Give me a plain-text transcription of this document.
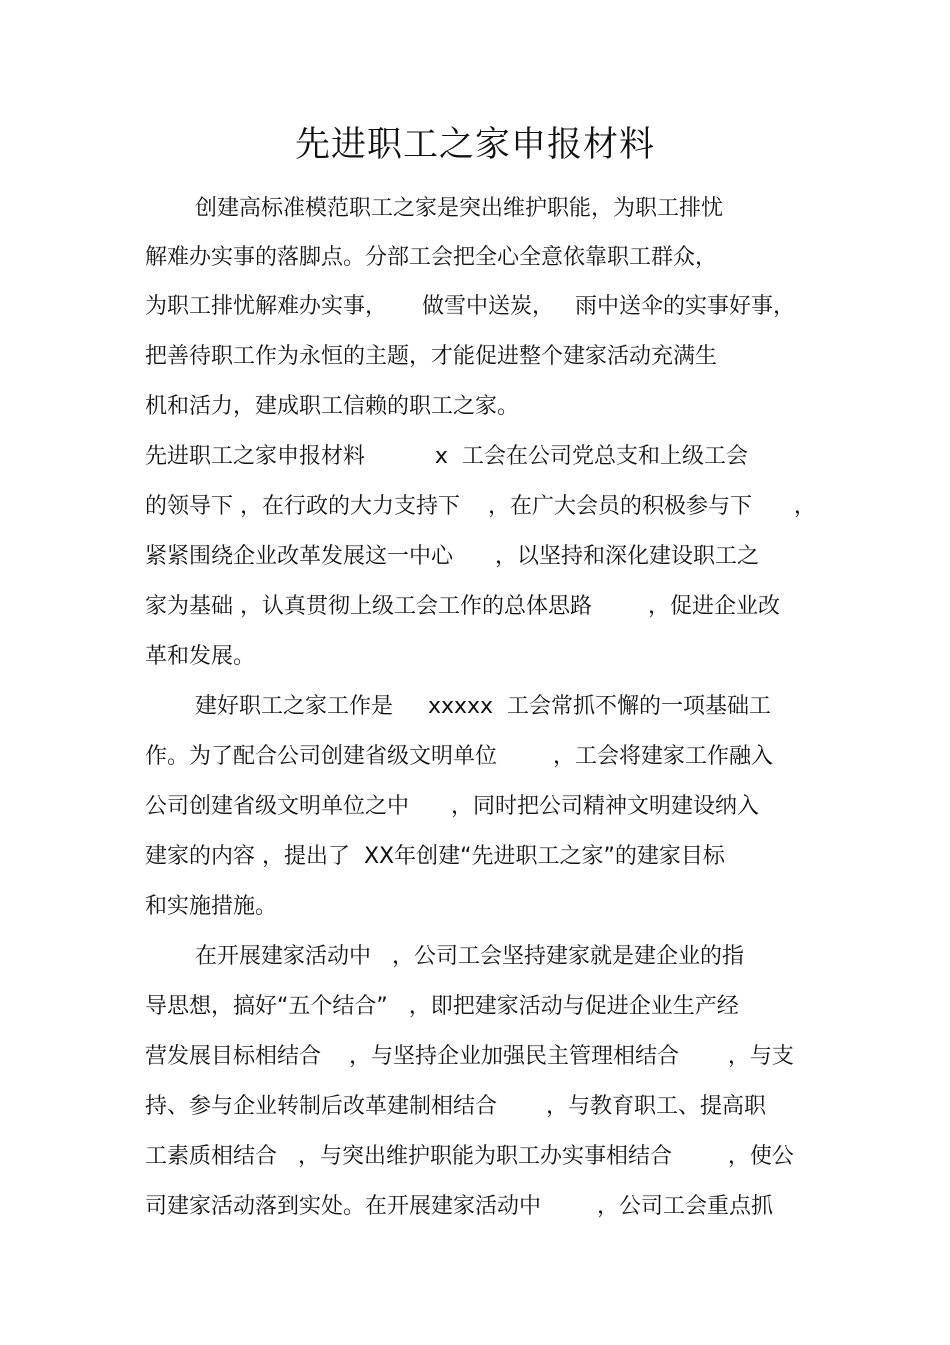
先进职工之家申报材料

创建高标准模范职工之家是突出维护职能，为职工排忧

解难办实事的落脚点。分部工会把全心全意依靠职工群众，

为职工排忧解难办实事，     做雪中送炭，   雨中送伞的实事好事，

把善待职工作为永恒的主题，才能促进整个建家活动充满生

机和活力，建成职工信赖的职工之家。

先进职工之家申报材料          x  工会在公司党总支和上级工会

的领导下 ，在行政的大力支持下    ，在广大会员的积极参与下      ，

紧紧围绕企业改革发展这一中心      ，以坚持和深化建设职工之

家为基础 ，认真贯彻上级工会工作的总体思路        ，促进企业改

革和发展。

建好职工之家工作是     xxxxx  工会常抓不懈的一项基础工

作。为了配合公司创建省级文明单位        ，工会将建家工作融入

公司创建省级文明单位之中      ，同时把公司精神文明建设纳入

建家的内容 ，提出了  XX年创建“先进职工之家”的建家目标

和实施措施。

在开展建家活动中   ，公司工会坚持建家就是建企业的指

导思想，搞好“五个结合”   ，即把建家活动与促进企业生产经

营发展目标相结合    ，与坚持企业加强民主管理相结合       ，与支

持、参与企业转制后改革建制相结合       ，与教育职工、提高职

工素质相结合   ，与突出维护职能为职工办实事相结合        ，使公

司建家活动落到实处。在开展建家活动中        ，公司工会重点抓
